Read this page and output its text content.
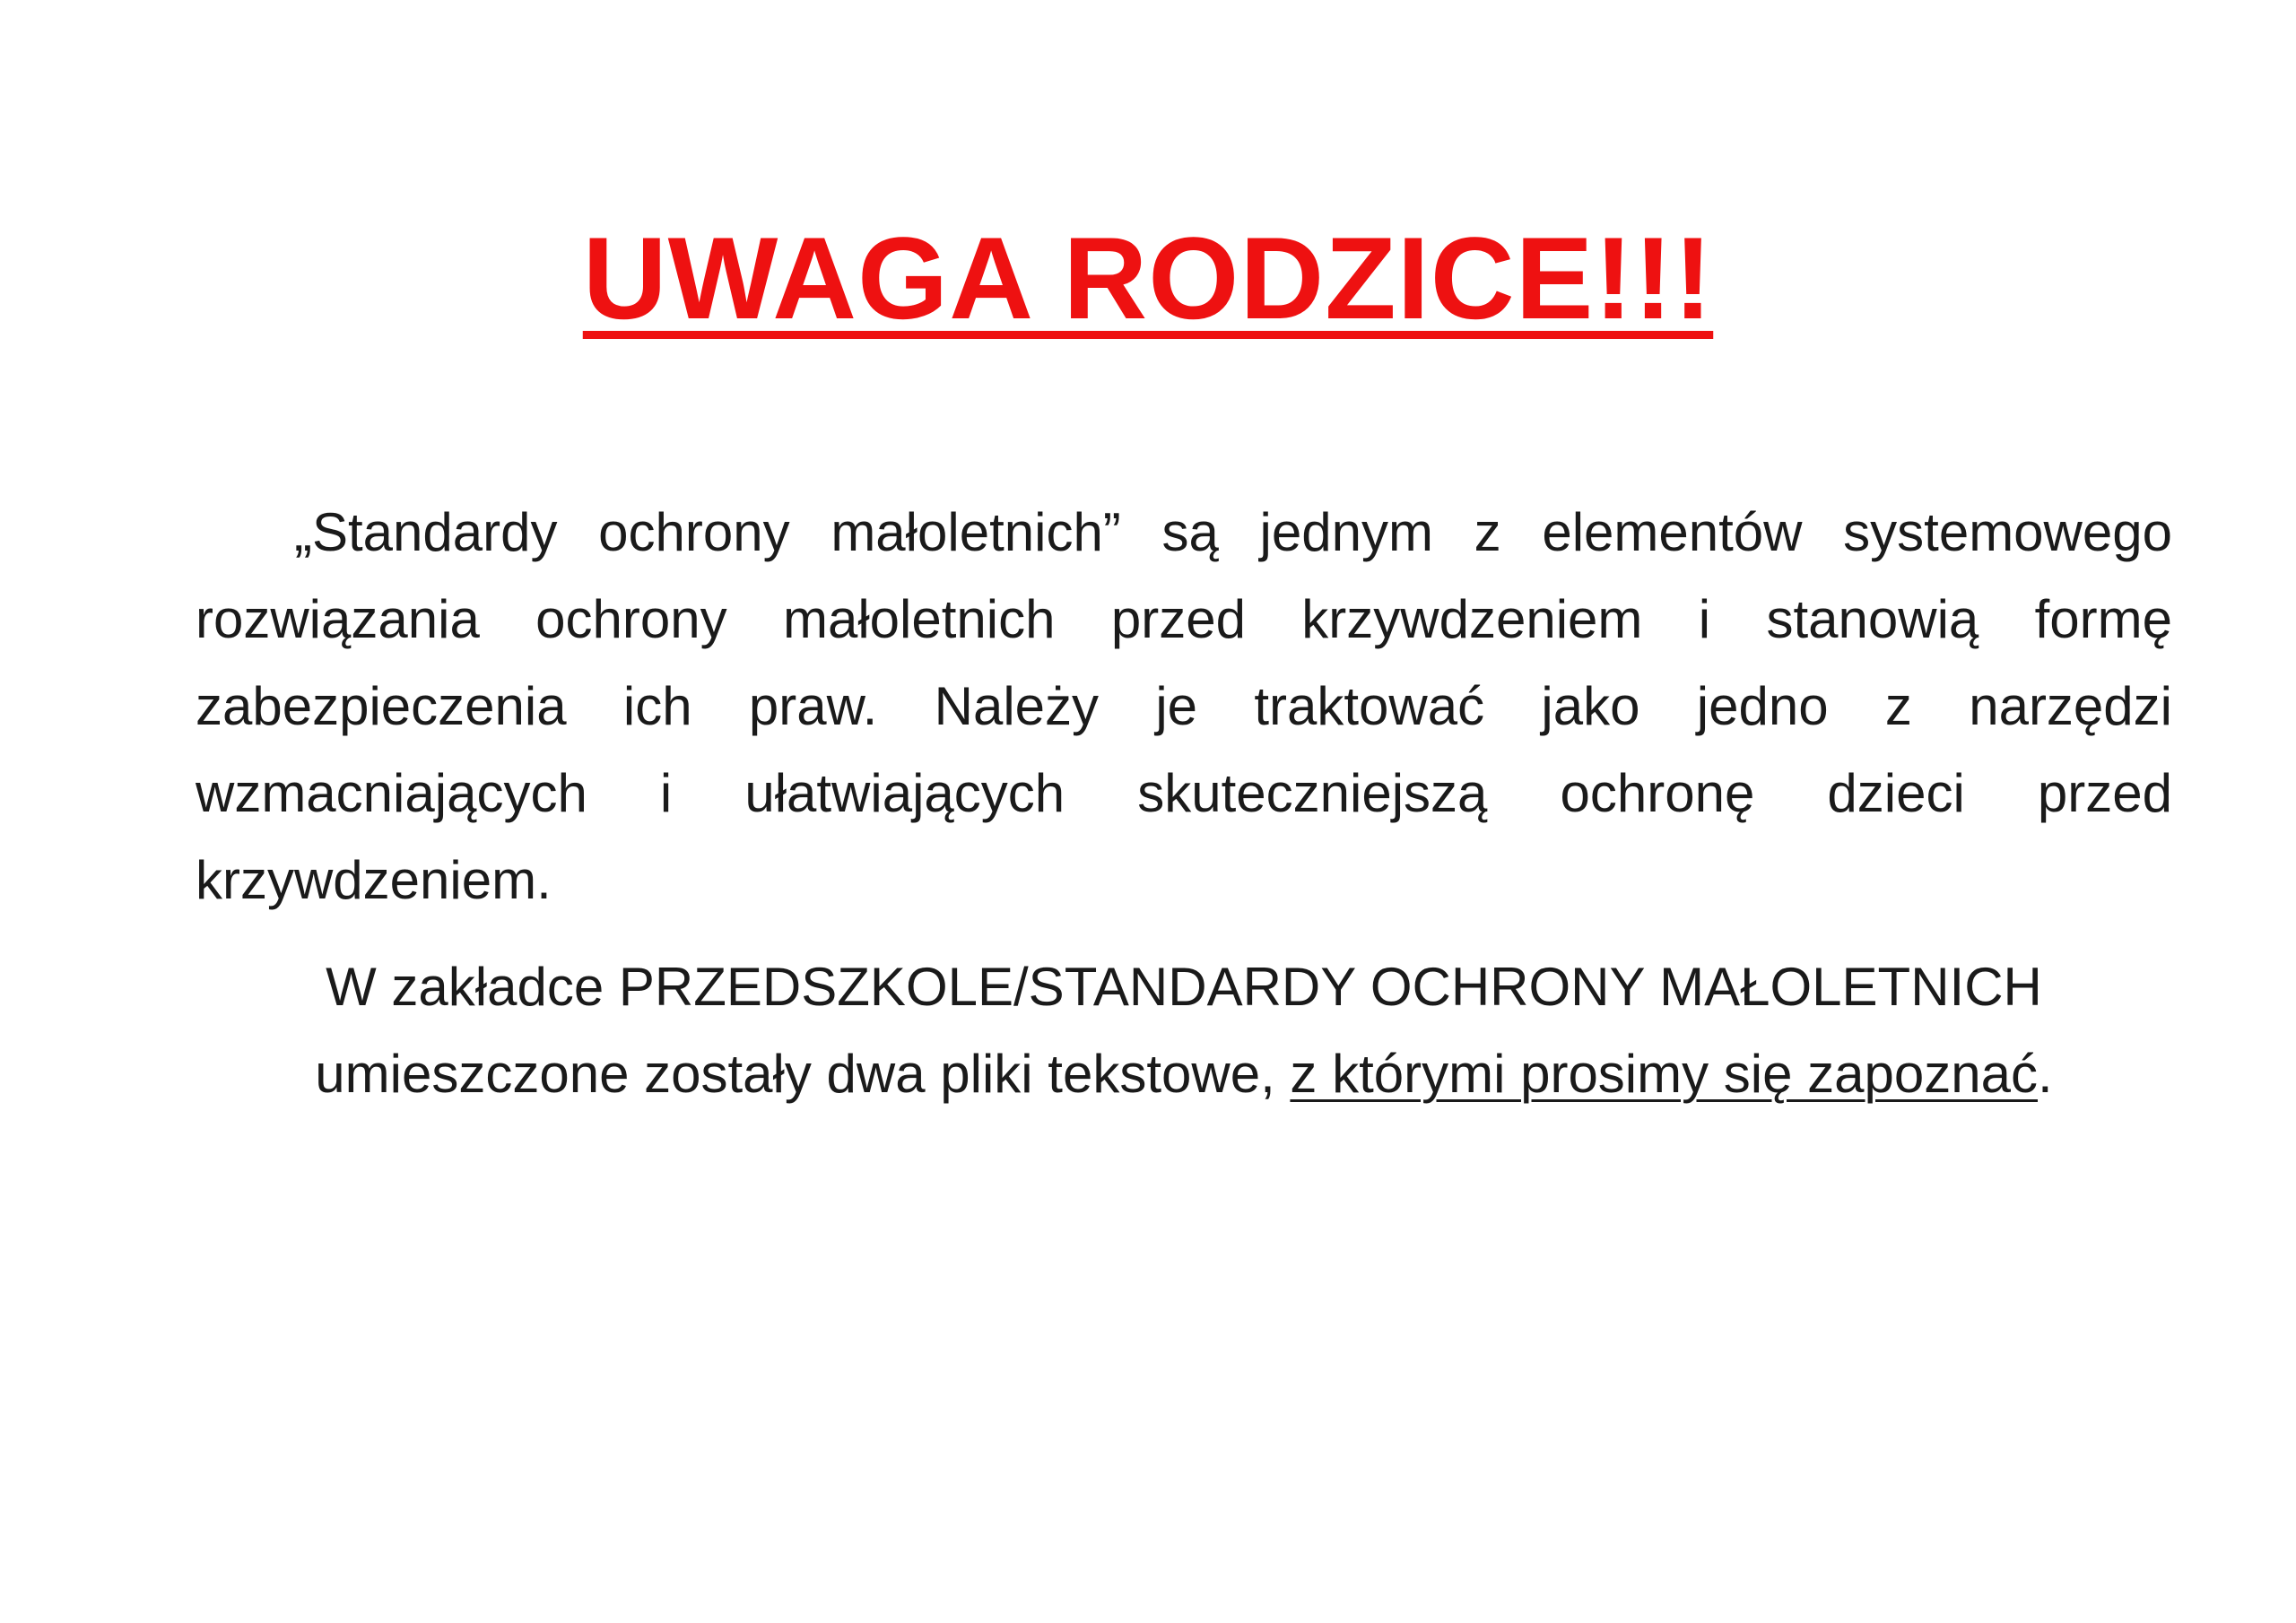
UWAGA RODZICE!!!

„Standardy ochrony małoletnich” są jednym z elementów systemowego rozwiązania ochrony małoletnich przed krzywdzeniem i stanowią formę zabezpieczenia ich praw. Należy je traktować jako jedno z narzędzi wzmacniających i ułatwiających skuteczniejszą ochronę dzieci przed krzywdzeniem.

W zakładce PRZEDSZKOLE/STANDARDY OCHRONY MAŁOLETNICH
umieszczone zostały dwa pliki tekstowe, z którymi prosimy się zapoznać.
